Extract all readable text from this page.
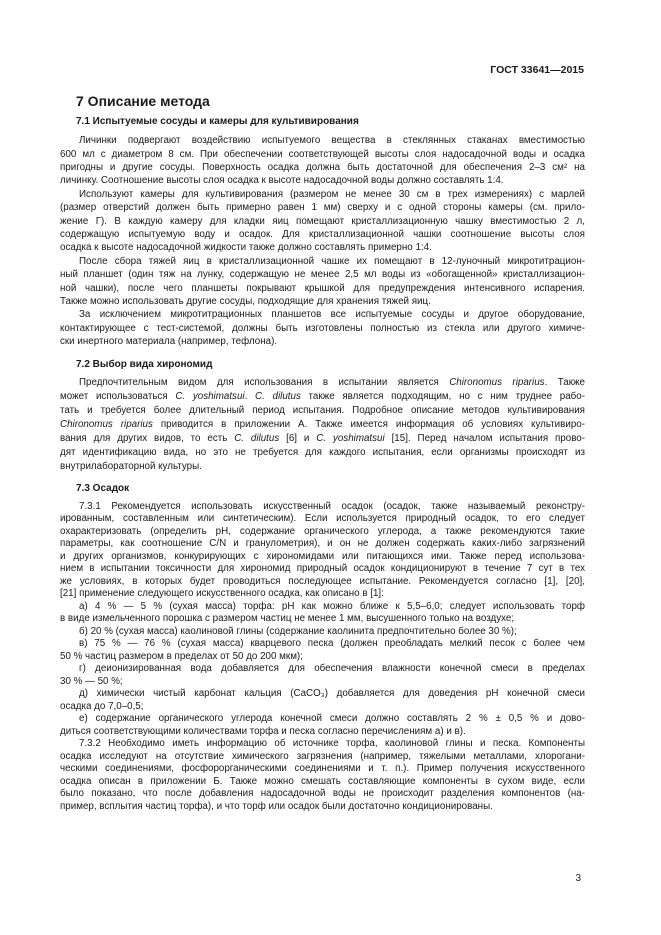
ГОСТ 33641—2015
7 Описание метода
7.1 Испытуемые сосуды и камеры для культивирования
Личинки подвергают воздействию испытуемого вещества в стеклянных стаканах вместимостью
600 мл с диаметром 8 см. При обеспечении соответствующей высоты слоя надосадочной воды и осадка
пригодны и другие сосуды. Поверхность осадка должна быть достаточной для обеспечения 2–3 см² на
личинку. Соотношение высоты слоя осадка к высоте надосадочной воды должно составлять 1:4.
Используют камеры для культивирования (размером не менее 30 см в трех измерениях) с марлей
(размер отверстий должен быть примерно равен 1 мм) сверху и с одной стороны камеры (см. прило-
жение Г). В каждую камеру для кладки яиц помещают кристаллизационную чашку вместимостью 2 л,
содержащую испытуемую воду и осадок. Для кристаллизационной чашки соотношение высоты слоя
осадка к высоте надосадочной жидкости также должно составлять примерно 1:4.
После сбора тяжей яиц в кристаллизационной чашке их помещают в 12-луночный микротитрацион-
ный планшет (один тяж на лунку, содержащую не менее 2,5 мл воды из «обогащенной» кристаллизацион-
ной чашки), после чего планшеты покрывают крышкой для предупреждения интенсивного испарения.
Также можно использовать другие сосуды, подходящие для хранения тяжей яиц.
За исключением микротитрационных планшетов все испытуемые сосуды и другое оборудование,
контактирующее с тест-системой, должны быть изготовлены полностью из стекла или другого химиче-
ски инертного материала (например, тефлона).
7.2 Выбор вида хирономид
Предпочтительным видом для использования в испытании является Chironomus riparius. Также
может использоваться C. yoshimatsui. C. dilutus также является подходящим, но с ним труднее рабо-
тать и требуется более длительный период испытания. Подробное описание методов культивирования
Chironomus riparius приводится в приложении А. Также имеется информация об условиях культивиро-
вания для других видов, то есть C. dilutus [6] и C. yoshimatsui [15]. Перед началом испытания прово-
дят идентификацию вида, но это не требуется для каждого испытания, если организмы происходят из
внутрилабораторной культуры.
7.3 Осадок
7.3.1 Рекомендуется использовать искусственный осадок (осадок, также называемый реконстру-
ированным, составленным или синтетическим). Если используется природный осадок, то его следует
охарактеризовать (определить pH, содержание органического углерода, а также рекомендуются такие
параметры, как соотношение C/N и гранулометрия), и он не должен содержать каких-либо загрязнений
и других организмов, конкурирующих с хирономидами или питающихся ими. Также перед использова-
нием в испытании токсичности для хирономид природный осадок кондиционируют в течение 7 сут в тех
же условиях, в которых будет проводиться последующее испытание. Рекомендуется согласно [1], [20],
[21] применение следующего искусственного осадка, как описано в [1]:
а) 4 % — 5 % (сухая масса) торфа: pH как можно ближе к 5,5–6,0; следует использовать торф
в виде измельченного порошка с размером частиц не менее 1 мм, высушенного только на воздухе;
б) 20 % (сухая масса) каолиновой глины (содержание каолинита предпочтительно более 30 %);
в) 75 % — 76 % (сухая масса) кварцевого песка (должен преобладать мелкий песок с более чем
50 % частиц размером в пределах от 50 до 200 мкм);
г) деионизированная вода добавляется для обеспечения влажности конечной смеси в пределах
30 % — 50 %;
д) химически чистый карбонат кальция (CaCO₃) добавляется для доведения pH конечной смеси
осадка до 7,0–0,5;
е) содержание органического углерода конечной смеси должно составлять 2 % ± 0,5 % и дово-
диться соответствующими количествами торфа и песка согласно перечислениям а) и в).
7.3.2 Необходимо иметь информацию об источнике торфа, каолиновой глины и песка. Компоненты
осадка исследуют на отсутствие химического загрязнения (например, тяжелыми металлами, хлорогани-
ческими соединениями, фосфорорганическими соединениями и т. п.). Пример получения искусственного
осадка описан в приложении Б. Также можно смешать составляющие компоненты в сухом виде, если
было показано, что после добавления надосадочной воды не происходит разделения компонентов (на-
пример, всплытия частиц торфа), и что торф или осадок были достаточно кондиционированы.
3
